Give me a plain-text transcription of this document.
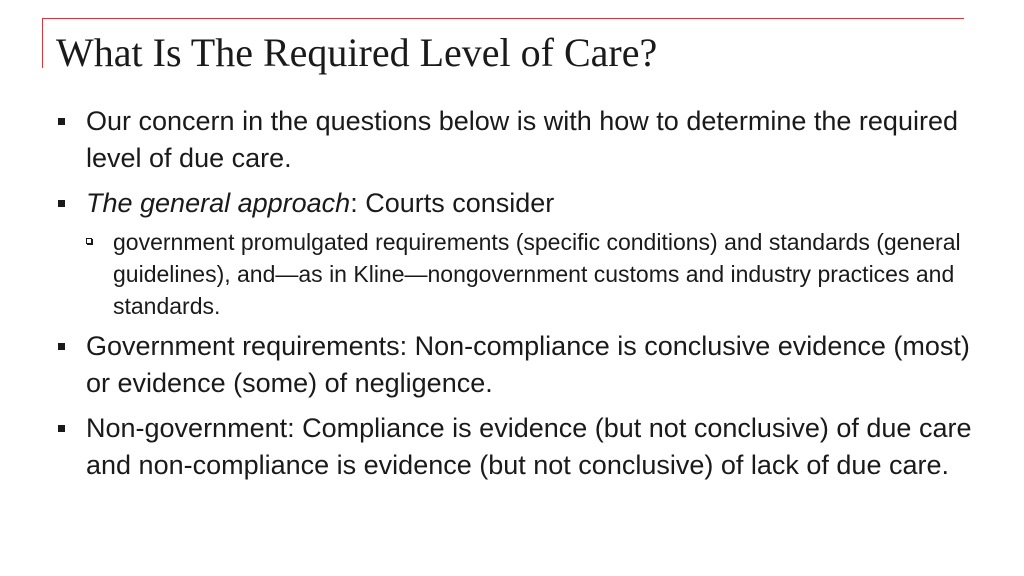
What Is The Required Level of Care?
Our concern in the questions below is with how to determine the required level of due care.
The general approach: Courts consider
government promulgated requirements (specific conditions) and standards (general guidelines), and—as in Kline—nongovernment customs and industry practices and standards.
Government requirements: Non-compliance is conclusive evidence (most) or evidence (some) of negligence.
Non-government: Compliance is evidence (but not conclusive) of due care and non-compliance is evidence (but not conclusive) of lack of due care.
